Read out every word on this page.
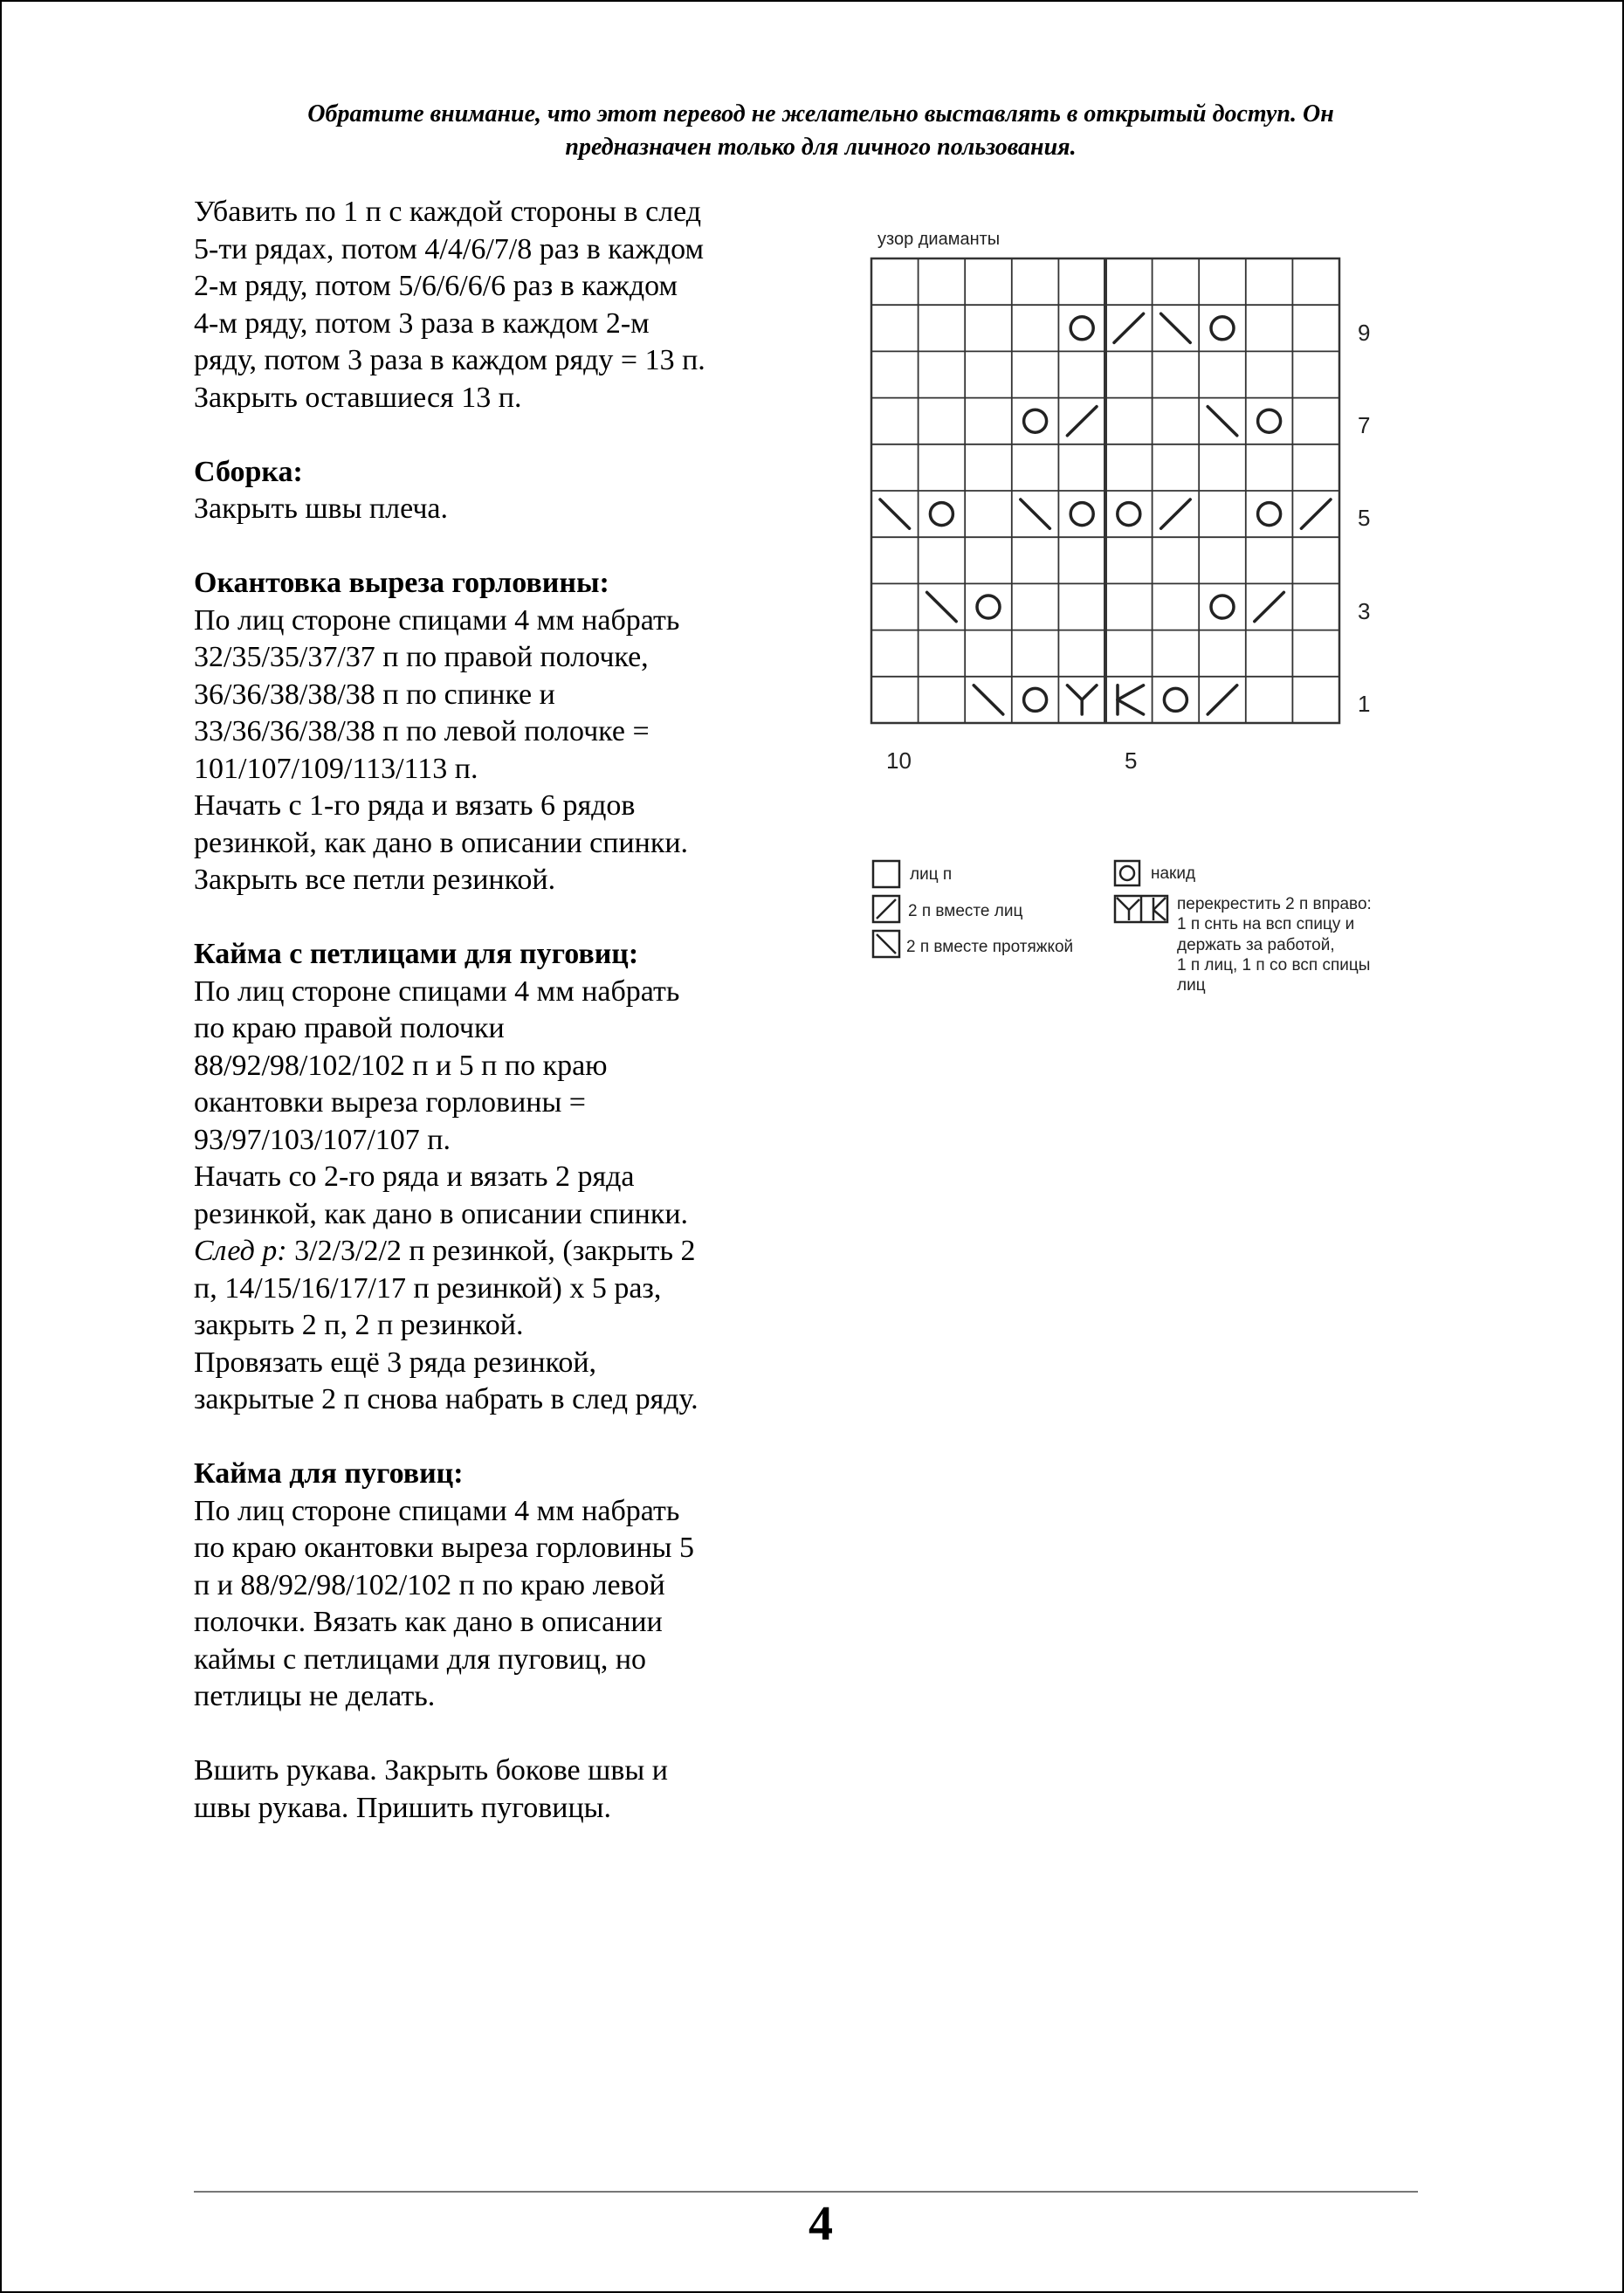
Обратите внимание, что этот перевод не желательно выставлять в открытый доступ. Он
предназначен только для личного пользования.

Убавить по 1 п с каждой стороны в след

5-ти рядах, потом 4/4/6/7/8 раз в каждом

2-м ряду, потом 5/6/6/6/6 раз в каждом

4-м ряду, потом 3 раза в каждом 2-м

ряду, потом 3 раза в каждом ряду = 13 п.

Закрыть оставшиеся 13 п.

Сборка:

Закрыть швы плеча.

Окантовка выреза горловины:

По лиц стороне спицами 4 мм набрать

32/35/35/37/37 п по правой полочке,

36/36/38/38/38 п по спинке и

33/36/36/38/38 п по левой полочке =

101/107/109/113/113 п.

Начать с 1-го ряда и вязать 6 рядов

резинкой, как дано в описании спинки.

Закрыть все петли резинкой.

Кайма с петлицами для пуговиц:

По лиц стороне спицами 4 мм набрать

по краю правой полочки

88/92/98/102/102 п и 5 п по краю

окантовки выреза горловины =

93/97/103/107/107 п.

Начать со 2-го ряда и вязать 2 ряда

резинкой, как дано в описании спинки.

След р: 3/2/3/2/2 п резинкой, (закрыть 2

п, 14/15/16/17/17 п резинкой) х 5 раз,

закрыть 2 п, 2 п резинкой.

Провязать ещё 3 ряда резинкой,

закрытые 2 п снова набрать в след ряду.

Кайма для пуговиц:

По лиц стороне спицами 4 мм набрать

по краю окантовки выреза горловины 5

п и 88/92/98/102/102 п по краю левой

полочки. Вязать как дано в описании

каймы с петлицами для пуговиц, но

петлицы не делать.

Вшить рукава. Закрыть бокове швы и

швы рукава. Пришить пуговицы.

узор диаманты
9
7
5
3
1
10	5
лиц п
2 п вместе лиц
2 п вместе протяжкой
накид
перекрестить 2 п вправо:
1 п снть на всп спицу и
держать за работой,
1 п лиц, 1 п со всп спицы
лиц
4
